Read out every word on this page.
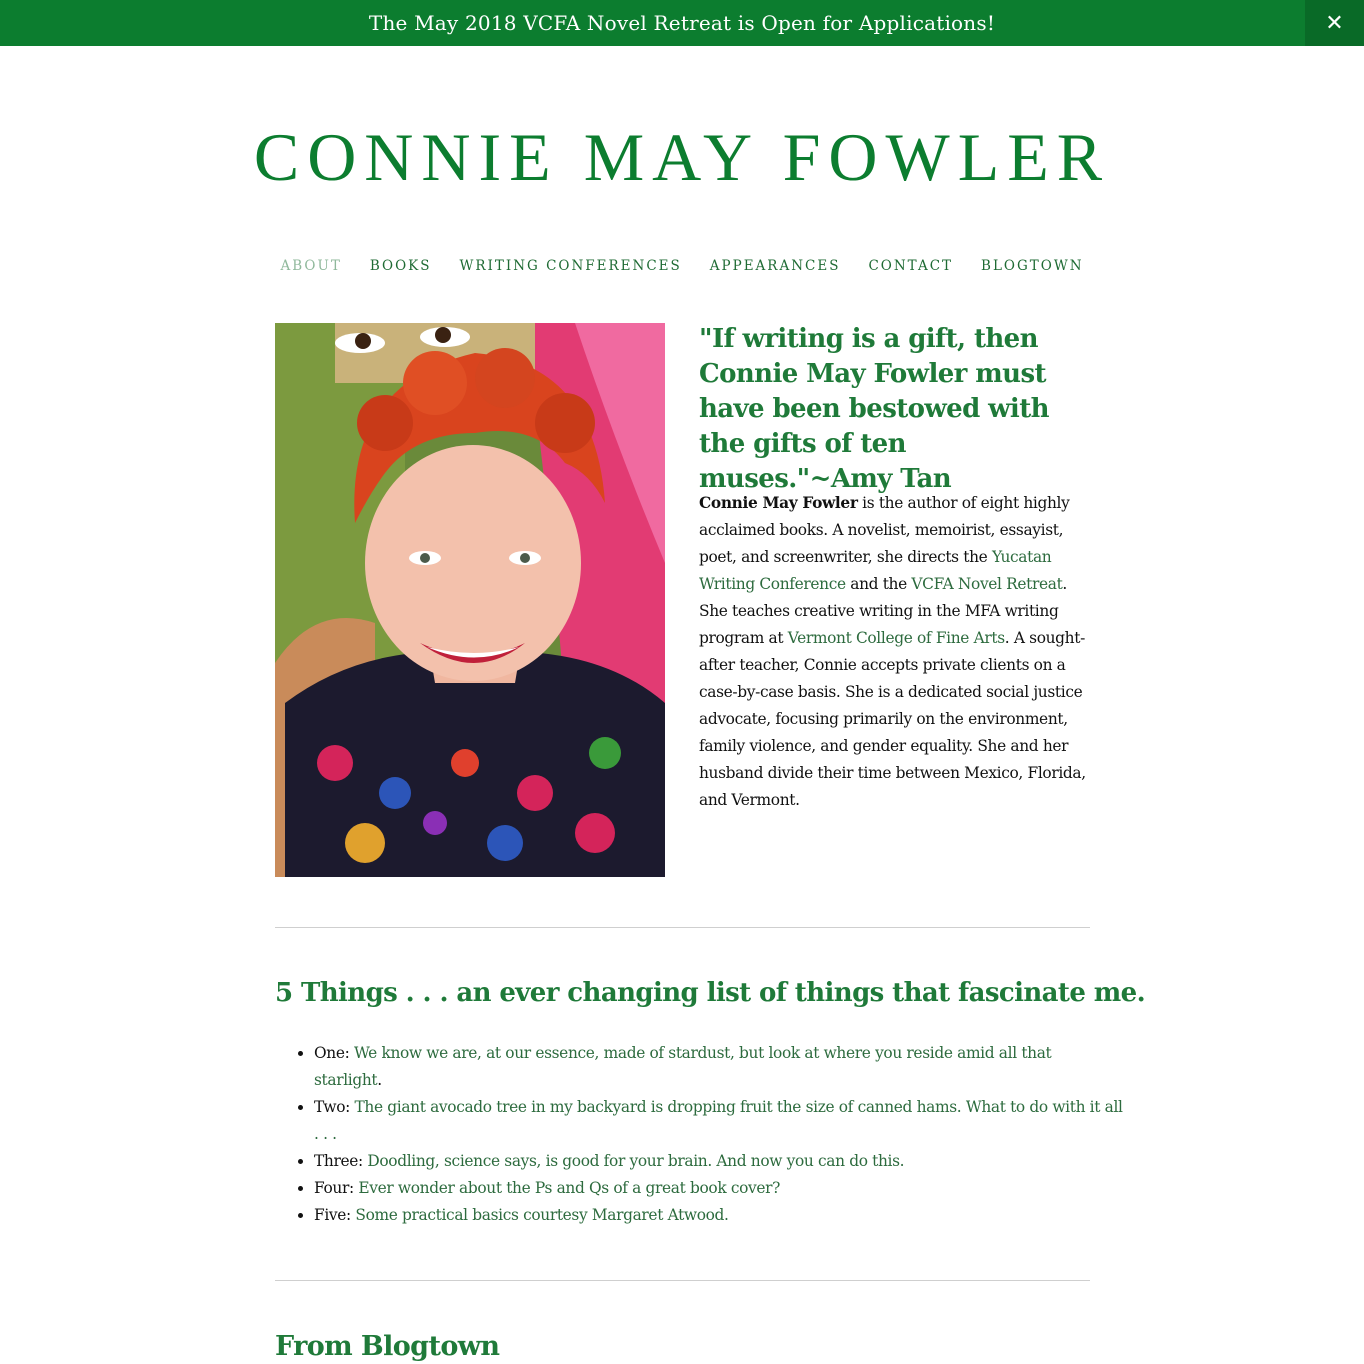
The May 2018 VCFA Novel Retreat is Open for Applications!	✕
CONNIE MAY FOWLER
ABOUT BOOKS WRITING CONFERENCES APPEARANCES CONTACT BLOGTOWN
"If writing is a gift, then Connie May Fowler must have been bestowed with the gifts of ten muses."~Amy Tan

Connie May Fowler is the author of eight highly acclaimed books. A novelist, memoirist, essayist, poet, and screenwriter, she directs the Yucatan Writing Conference and the VCFA Novel Retreat. She teaches creative writing in the MFA writing program at Vermont College of Fine Arts. A sought-after teacher, Connie accepts private clients on a case-by-case basis. She is a dedicated social justice advocate, focusing primarily on the environment, family violence, and gender equality. She and her husband divide their time between Mexico, Florida, and Vermont.

5 Things . . . an ever changing list of things that fascinate me.
• One: We know we are, at our essence, made of stardust, but look at where you reside amid all that starlight.
• Two: The giant avocado tree in my backyard is dropping fruit the size of canned hams. What to do with it all . . .
• Three: Doodling, science says, is good for your brain. And now you can do this.
• Four: Ever wonder about the Ps and Qs of a great book cover?
• Five: Some practical basics courtesy Margaret Atwood.
From Blogtown
